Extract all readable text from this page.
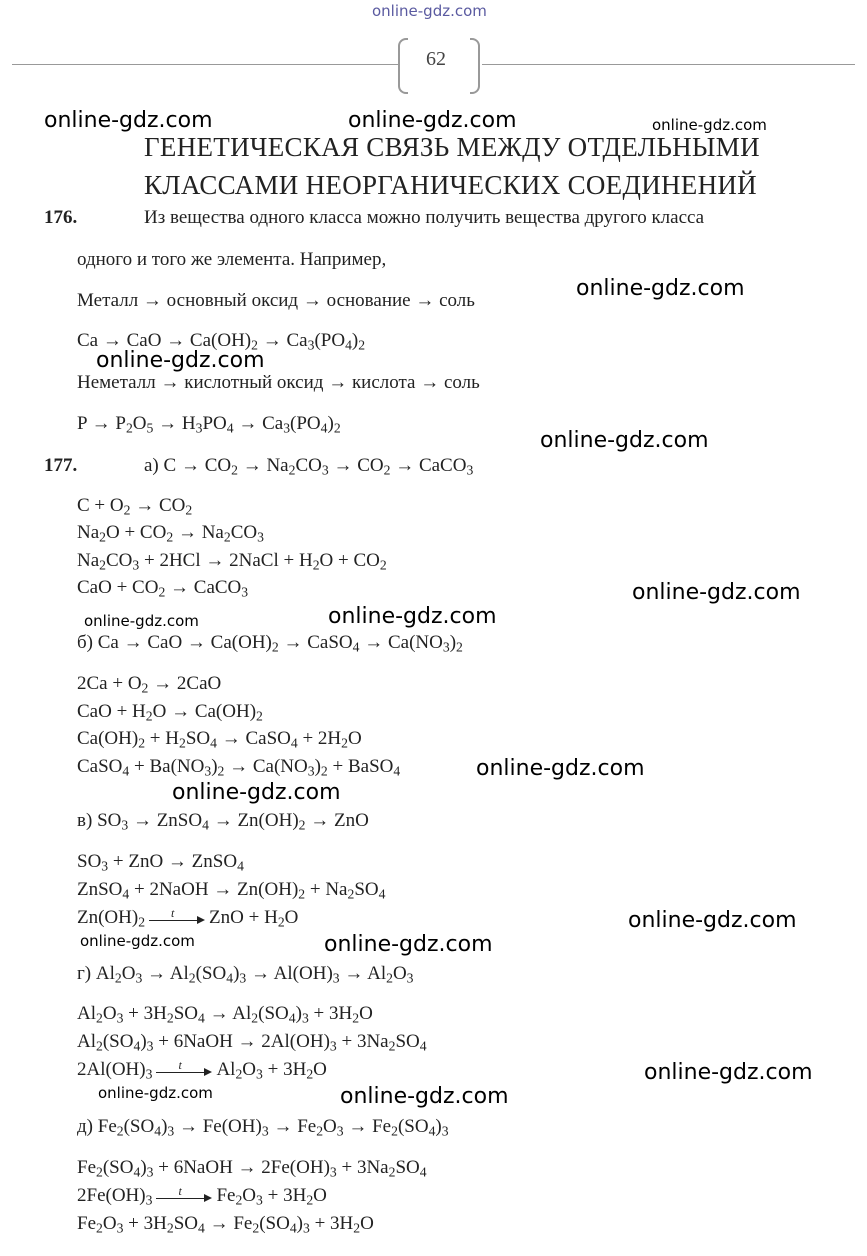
online-gdz.com
62
online-gdz.com	online-gdz.com	online-gdz.com
ГЕНЕТИЧЕСКАЯ СВЯЗЬ МЕЖДУ ОТДЕЛЬНЫМИ
КЛАССАМИ НЕОРГАНИЧЕСКИХ СОЕДИНЕНИЙ
176.	Из вещества одного класса можно получить вещества другого класса
одного и того же элемента. Например,
Металл → основный оксид → основание → соль	online-gdz.com
Ca → CaO → $Ca(OH)_2 \to Ca_3(PO_4)_2$
online-gdz.com
Неметалл → кислотный оксид → кислота → соль
$P \to P_2O_5 \to H_3PO_4 \to Ca_3(PO_4)_2$
online-gdz.com
177.	а) $C \to CO_2 \to Na_2CO_3 \to CO_2$ → CaCO$_3$
$C + O_2 \to CO_2$
$Na_2O + CO_2 \to Na_2CO_3$
$Na_2CO_3 + 2HCl$ → 2NaCl + $H_2O + CO_2$
CaO + $CO_2$ → CaCO$_3$	online-gdz.com
online-gdz.com	online-gdz.com
б) Ca → CaO → $Ca(OH)_2$ → CaSO$_4$ → $Ca(NO_3)_2$
$2Ca + O_2 \to 2CaO$
CaO + $H_2O \to Ca(OH)_2$
$Ca(OH)_2 + H_2SO_4$ → CaSO$_4$ + $2H_2O$
CaSO$_4$ + $Ba(NO_3)_2 \to Ca(NO_3)_2$ + BaSO$_4$	online-gdz.com
online-gdz.com
в) $SO_3$ → ZnSO$_4$ → $Zn(OH)_2$ → ZnO
$SO_3$ + ZnO → ZnSO$_4$
ZnSO$_4$ + 2NaOH → $Zn(OH)_2 + Na_2SO_4$
$Zn(OH)_2$
t ZnO + $H_2O$	online-gdz.com
online-gdz.com	online-gdz.com
г) $Al_2O_3 \to Al_2(SO_4)_3 \to Al(OH)_3 \to Al_2O_3$
$Al_2O_3 + 3H_2SO_4 \to Al_2(SO_4)_3 + 3H_2O$
$Al_2(SO_4)_3$ + 6NaOH → $2Al(OH)_3 + 3Na_2SO_4$
$2Al(OH)_3$
t $Al_2O_3 + 3H_2O$	online-gdz.com
online-gdz.com	online-gdz.com
д) $Fe_2(SO_4)_3 \to Fe(OH)_3 \to Fe_2O_3 \to Fe_2(SO_4)_3$
$Fe_2(SO_4)_3$ + 6NaOH → $2Fe(OH)_3 + 3Na_2SO_4$
$2Fe(OH)_3$
t $Fe_2O_3 + 3H_2O$
$Fe_2O_3 + 3H_2SO_4 \to Fe_2(SO_4)_3 + 3H_2O$
